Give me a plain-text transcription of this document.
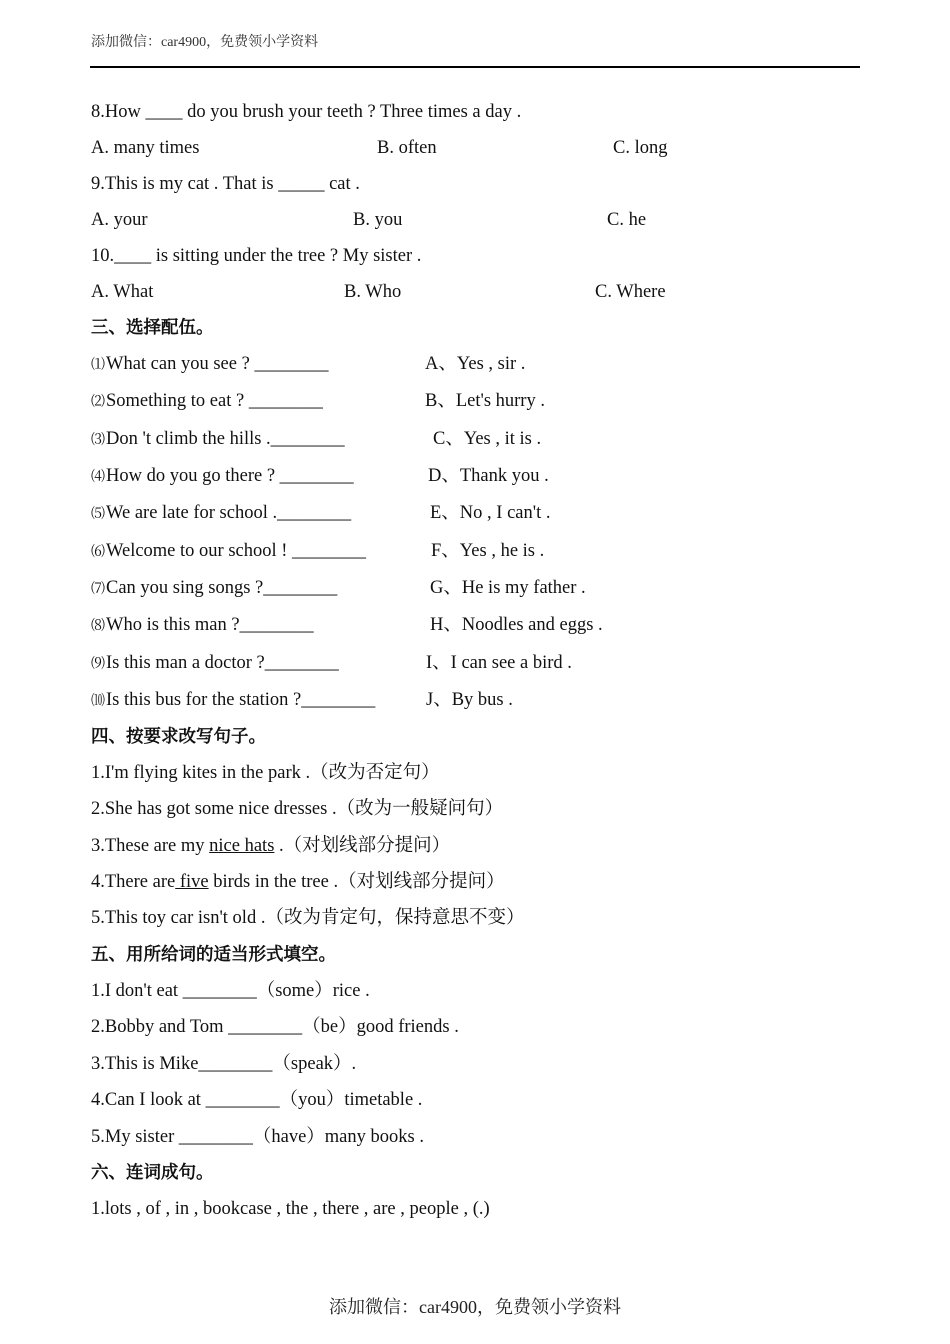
添加微信：car4900，免费领小学资料
8.How ____ do you brush your teeth ? Three times a day .
A. many times	B. often	C. long
9.This is my cat . That is _____ cat .
A. your	B. you	C. he
10.____ is sitting under the tree ? My sister .
A. What	B. Who	C. Where
三、选择配伍。
⑴What can you see ? ________	A、Yes , sir .
⑵Something to eat ? ________	B、Let's hurry .
⑶Don 't climb the hills .________	C、Yes , it is .
⑷How do you go there ? ________	D、Thank you .
⑸We are late for school .________	E、No , I can't .
⑹Welcome to our school ! ________	F、Yes , he is .
⑺Can you sing songs ?________	G、He is my father .
⑻Who is this man ?________	H、Noodles and eggs .
⑼Is this man a doctor ?________	I、I can see a bird .
⑽Is this bus for the station ?________	J、By bus .
四、按要求改写句子。
1.I'm flying kites in the park .（改为否定句）
2.She has got some nice dresses .（改为一般疑问句）
3.These are my nice hats .（对划线部分提问）
4.There are five birds in the tree .（对划线部分提问）
5.This toy car isn't old .（改为肯定句，保持意思不变）
五、用所给词的适当形式填空。
1.I don't eat ________（some）rice .
2.Bobby and Tom ________（be）good friends .
3.This is Mike________（speak）.
4.Can I look at ________（you）timetable .
5.My sister ________（have）many books .
六、连词成句。
1.lots , of , in , bookcase , the , there , are , people , (.)
添加微信：car4900，免费领小学资料
